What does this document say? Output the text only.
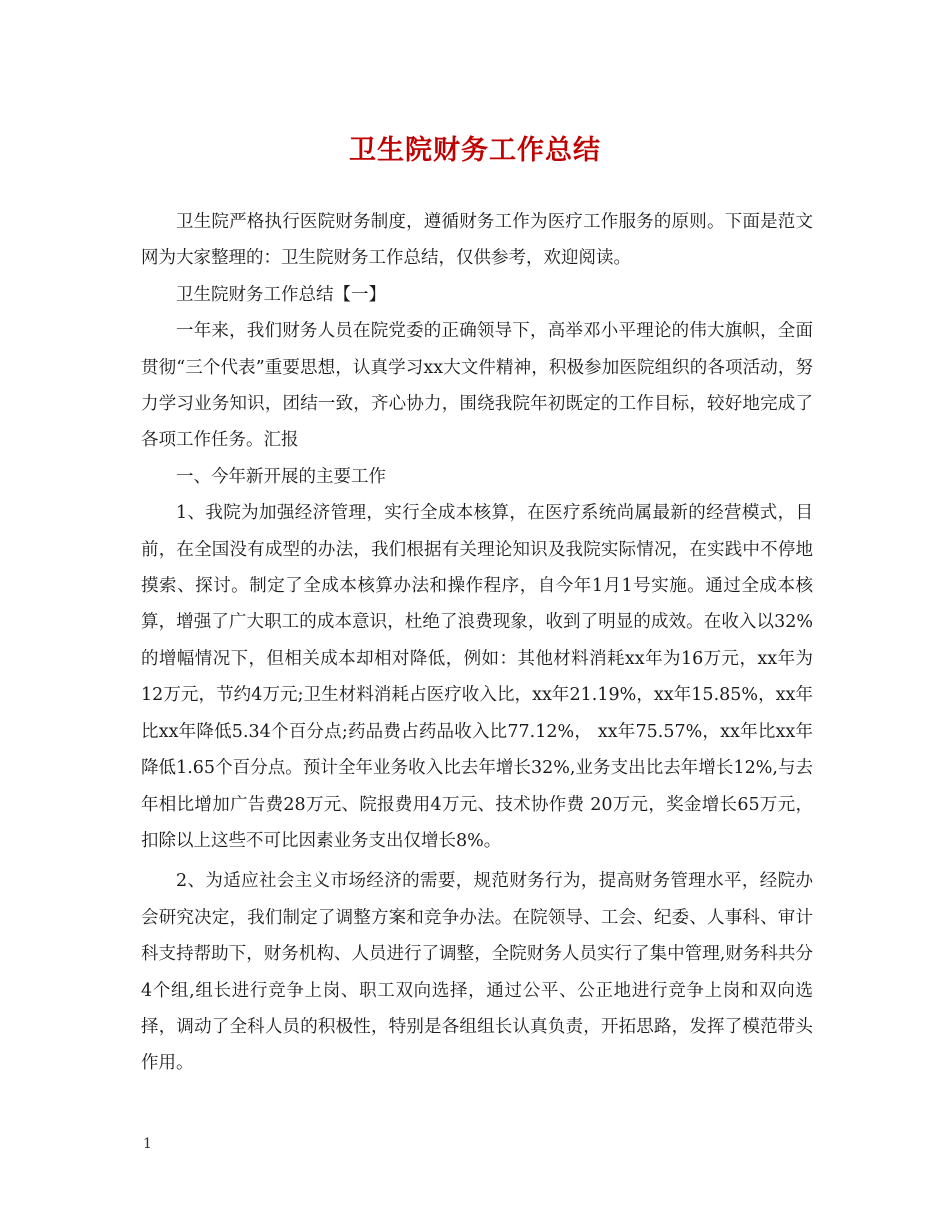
卫生院财务工作总结

卫生院严格执行医院财务制度，遵循财务工作为医疗工作服务的原则。下面是范文网为大家整理的：卫生院财务工作总结，仅供参考，欢迎阅读。

卫生院财务工作总结【一】

一年来，我们财务人员在院党委的正确领导下，高举邓小平理论的伟大旗帜，全面贯彻“三个代表”重要思想，认真学习xx大文件精神，积极参加医院组织的各项活动，努力学习业务知识，团结一致，齐心协力，围绕我院年初既定的工作目标，较好地完成了各项工作任务。汇报

一、今年新开展的主要工作

1、我院为加强经济管理，实行全成本核算，在医疗系统尚属最新的经营模式，目前，在全国没有成型的办法，我们根据有关理论知识及我院实际情况，在实践中不停地摸索、探讨。制定了全成本核算办法和操作程序，自今年1月1号实施。通过全成本核算，增强了广大职工的成本意识，杜绝了浪费现象，收到了明显的成效。在收入以32%的增幅情况下，但相关成本却相对降低，例如：其他材料消耗xx年为16万元，xx年为12万元，节约4万元;卫生材料消耗占医疗收入比，xx年21.19%，xx年15.85%，xx年比xx年降低5.34个百分点;药品费占药品收入比77.12%， xx年75.57%，xx年比xx年降低1.65个百分点。预计全年业务收入比去年增长32%,业务支出比去年增长12%,与去年相比增加广告费28万元、院报费用4万元、技术协作费 20万元，奖金增长65万元，扣除以上这些不可比因素业务支出仅增长8%。

2、为适应社会主义市场经济的需要，规范财务行为，提高财务管理水平，经院办会研究决定，我们制定了调整方案和竞争办法。在院领导、工会、纪委、人事科、审计科支持帮助下，财务机构、人员进行了调整，全院财务人员实行了集中管理,财务科共分4个组,组长进行竞争上岗、职工双向选择，通过公平、公正地进行竞争上岗和双向选择，调动了全科人员的积极性，特别是各组组长认真负责，开拓思路，发挥了模范带头作用。

1
